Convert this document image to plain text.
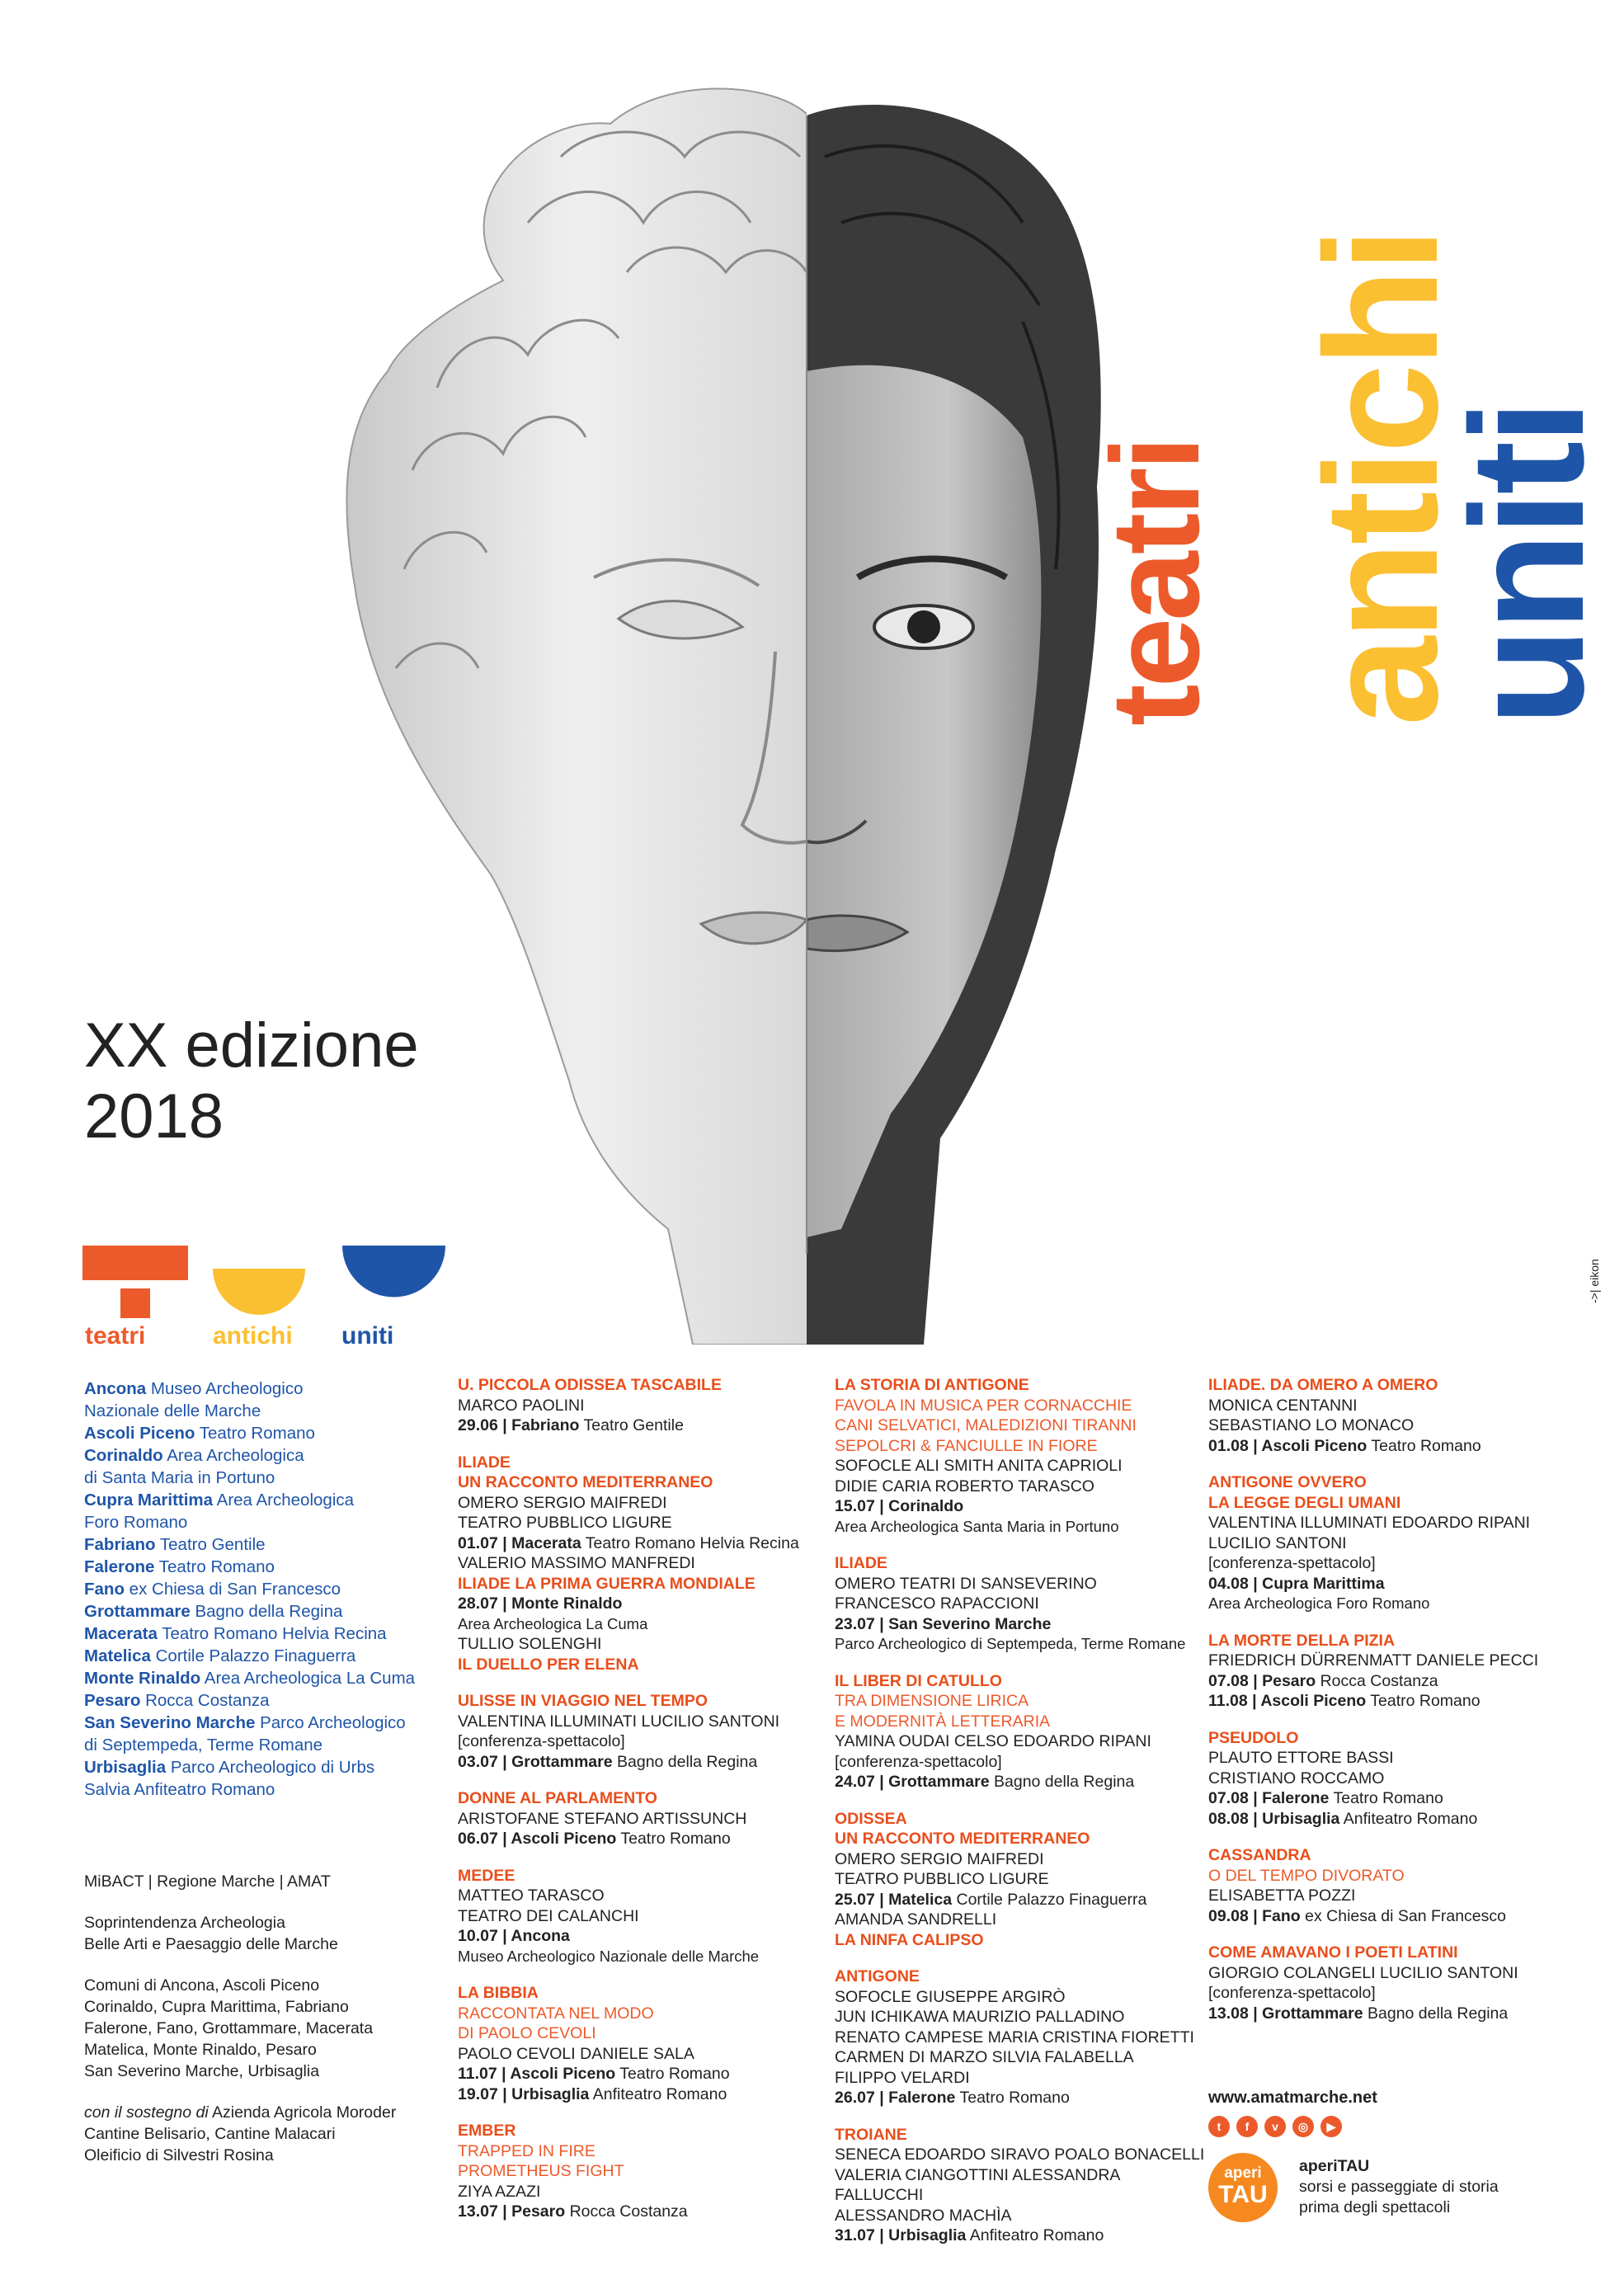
teatri antichi
uniti
XX edizione
2018
teatri	antichi uniti
->| eikon
Ancona Museo Archeologico
Nazionale delle Marche
Ascoli Piceno Teatro Romano
Corinaldo Area Archeologica
di Santa Maria in Portuno
Cupra Marittima Area Archeologica
Foro Romano
Fabriano Teatro Gentile
Falerone Teatro Romano
Fano ex Chiesa di San Francesco
Grottammare Bagno della Regina
Macerata Teatro Romano Helvia Recina
Matelica Cortile Palazzo Finaguerra
Monte Rinaldo Area Archeologica La Cuma
Pesaro Rocca Costanza
San Severino Marche Parco Archeologico
di Septempeda, Terme Romane
Urbisaglia Parco Archeologico di Urbs
Salvia Anfiteatro Romano

MiBACT | Regione Marche | AMAT

Soprintendenza Archeologia
Belle Arti e Paesaggio delle Marche

Comuni di Ancona, Ascoli Piceno
Corinaldo, Cupra Marittima, Fabriano
Falerone, Fano, Grottammare, Macerata
Matelica, Monte Rinaldo, Pesaro
San Severino Marche, Urbisaglia

con il sostegno di Azienda Agricola Moroder
Cantine Belisario, Cantine Malacari
Oleificio di Silvestri Rosina

U. PICCOLA ODISSEA TASCABILE
MARCO PAOLINI
29.06 | Fabriano Teatro Gentile
ILIADE
UN RACCONTO MEDITERRANEO
OMERO SERGIO MAIFREDI
TEATRO PUBBLICO LIGURE
01.07 | Macerata Teatro Romano Helvia Recina
VALERIO MASSIMO MANFREDI
ILIADE LA PRIMA GUERRA MONDIALE
28.07 | Monte Rinaldo
Area Archeologica La Cuma
TULLIO SOLENGHI
IL DUELLO PER ELENA
ULISSE IN VIAGGIO NEL TEMPO
VALENTINA ILLUMINATI LUCILIO SANTONI
[conferenza-spettacolo]
03.07 | Grottammare Bagno della Regina
DONNE AL PARLAMENTO
ARISTOFANE STEFANO ARTISSUNCH
06.07 | Ascoli Piceno Teatro Romano
MEDEE
MATTEO TARASCO
TEATRO DEI CALANCHI
10.07 | Ancona
Museo Archeologico Nazionale delle Marche
LA BIBBIA
RACCONTATA NEL MODO
DI PAOLO CEVOLI
PAOLO CEVOLI DANIELE SALA
11.07 | Ascoli Piceno Teatro Romano
19.07 | Urbisaglia Anfiteatro Romano
EMBER
TRAPPED IN FIRE
PROMETHEUS FIGHT
ZIYA AZAZI
13.07 | Pesaro Rocca Costanza
LA STORIA DI ANTIGONE
FAVOLA IN MUSICA PER CORNACCHIE
CANI SELVATICI, MALEDIZIONI TIRANNI
SEPOLCRI & FANCIULLE IN FIORE
SOFOCLE ALI SMITH ANITA CAPRIOLI
DIDIE CARIA ROBERTO TARASCO
15.07 | Corinaldo
Area Archeologica Santa Maria in Portuno
ILIADE
OMERO TEATRI DI SANSEVERINO
FRANCESCO RAPACCIONI
23.07 | San Severino Marche
Parco Archeologico di Septempeda, Terme Romane
IL LIBER DI CATULLO
TRA DIMENSIONE LIRICA
E MODERNITÀ LETTERARIA
YAMINA OUDAI CELSO EDOARDO RIPANI
[conferenza-spettacolo]
24.07 | Grottammare Bagno della Regina
ODISSEA
UN RACCONTO MEDITERRANEO
OMERO SERGIO MAIFREDI
TEATRO PUBBLICO LIGURE
25.07 | Matelica Cortile Palazzo Finaguerra
AMANDA SANDRELLI
LA NINFA CALIPSO
ANTIGONE
SOFOCLE GIUSEPPE ARGIRÒ
JUN ICHIKAWA MAURIZIO PALLADINO
RENATO CAMPESE MARIA CRISTINA FIORETTI
CARMEN DI MARZO SILVIA FALABELLA
FILIPPO VELARDI
26.07 | Falerone Teatro Romano
TROIANE
SENECA EDOARDO SIRAVO POALO BONACELLI
VALERIA CIANGOTTINI ALESSANDRA FALLUCCHI
ALESSANDRO MACHÌA
31.07 | Urbisaglia Anfiteatro Romano
ILIADE. DA OMERO A OMERO
MONICA CENTANNI
SEBASTIANO LO MONACO
01.08 | Ascoli Piceno Teatro Romano
ANTIGONE OVVERO
LA LEGGE DEGLI UMANI
VALENTINA ILLUMINATI EDOARDO RIPANI
LUCILIO SANTONI
[conferenza-spettacolo]
04.08 | Cupra Marittima
Area Archeologica Foro Romano
LA MORTE DELLA PIZIA
FRIEDRICH DÜRRENMATT DANIELE PECCI
07.08 | Pesaro Rocca Costanza
11.08 | Ascoli Piceno Teatro Romano
PSEUDOLO
PLAUTO ETTORE BASSI
CRISTIANO ROCCAMO
07.08 | Falerone Teatro Romano
08.08 | Urbisaglia Anfiteatro Romano
CASSANDRA
O DEL TEMPO DIVORATO
ELISABETTA POZZI
09.08 | Fano ex Chiesa di San Francesco
COME AMAVANO I POETI LATINI
GIORGIO COLANGELI LUCILIO SANTONI
[conferenza-spettacolo]
13.08 | Grottammare Bagno della Regina
www.amatmarche.net
t f v ◎ ▶
aperi
TAU
aperiTAU
sorsi e passeggiate di storia
prima degli spettacoli
